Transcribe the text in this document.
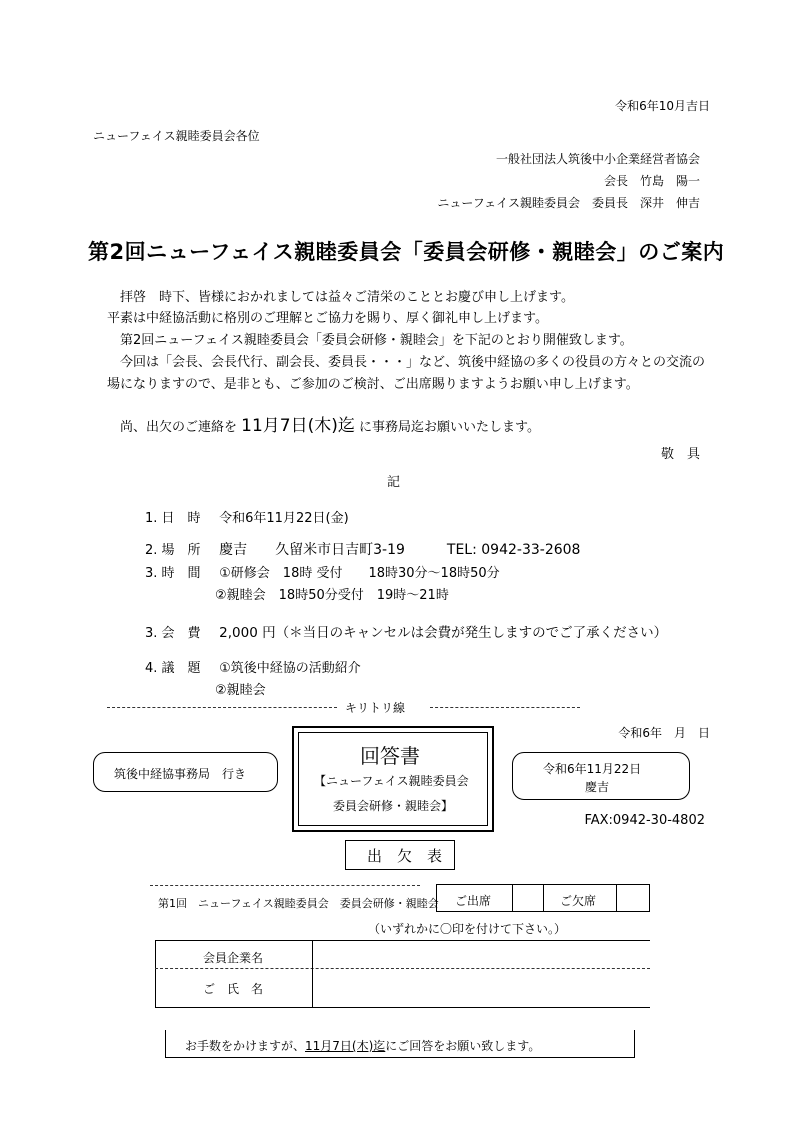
令和6年10月吉日
ニューフェイス親睦委員会各位
一般社団法人筑後中小企業経営者協会
会長　竹島　陽一
ニューフェイス親睦委員会　委員長　深井　伸吉
第2回ニューフェイス親睦委員会「委員会研修・親睦会」のご案内
拝啓　時下、皆様におかれましては益々ご清栄のこととお慶び申し上げます。
平素は中経協活動に格別のご理解とご協力を賜り、厚く御礼申し上げます。
第2回ニューフェイス親睦委員会「委員会研修・親睦会」を下記のとおり開催致します。
今回は「会長、会長代行、副会長、委員長・・・」など、筑後中経協の多くの役員の方々との交流の
場になりますので、是非とも、ご参加のご検討、ご出席賜りますようお願い申し上げます。
尚、出欠のご連絡を 11月7日(木)迄 に事務局迄お願いいたします。
敬　具
記
1. 日　時 令和6年11月22日(金)
2. 場　所 慶吉　　久留米市日吉町3-19　　　TEL: 0942-33-2608
3. 時　間 ①研修会　18時 受付　　18時30分～18時50分
②親睦会　18時50分受付　19時～21時
3. 会　費 2,000 円（＊当日のキャンセルは会費が発生しますのでご了承ください）
4. 議　題 ①筑後中経協の活動紹介
②親睦会
キリトリ線
令和6年　月　日
筑後中経協事務局　行き
回答書
【ニューフェイス親睦委員会
委員会研修・親睦会】
令和6年11月22日
慶吉
FAX:0942-30-4802
出　欠　表
第1回　ニューフェイス親睦委員会　委員会研修・親睦会 ご出席	ご欠席
（いずれかに〇印を付けて下さい。）
会員企業名
ご　氏　名
お手数をかけますが、11月7日(木)迄にご回答をお願い致します。
